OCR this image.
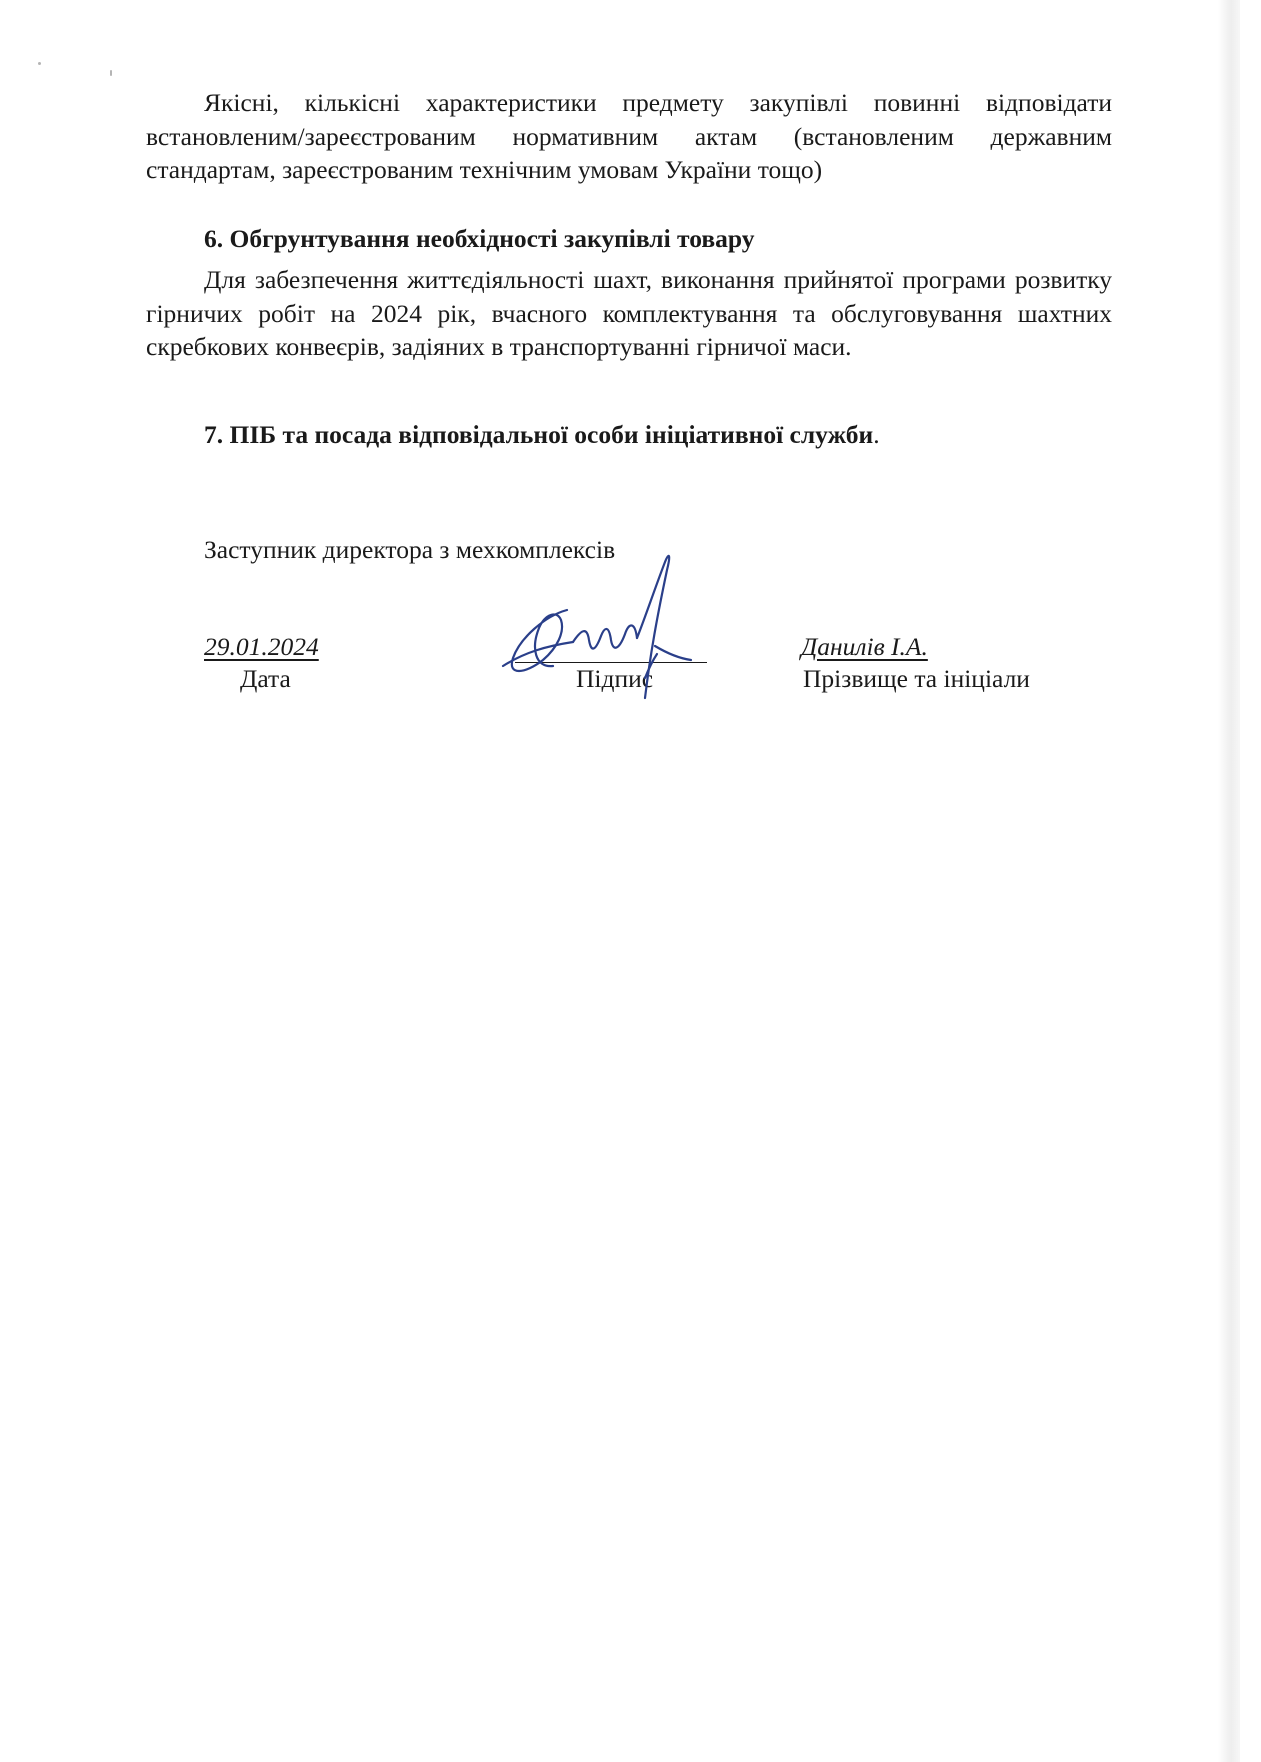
Якісні, кількісні характеристики предмету закупівлі повинні відповідати встановленим/зареєстрованим нормативним актам (встановленим державним стандартам, зареєстрованим технічним умовам України тощо)

6. Обгрунтування необхідності закупівлі товару

Для забезпечення життєдіяльності шахт, виконання прийнятої програми розвитку гірничих робіт на 2024 рік, вчасного комплектування та обслуговування шахтних скребкових конвеєрів, задіяних в транспортуванні гірничої маси.

7. ПІБ та посада відповідальної особи ініціативної служби.

Заступник директора з мехкомплексів

29.01.2024
Дата	Підпис
Данилів І.А.
Прізвище та ініціали
